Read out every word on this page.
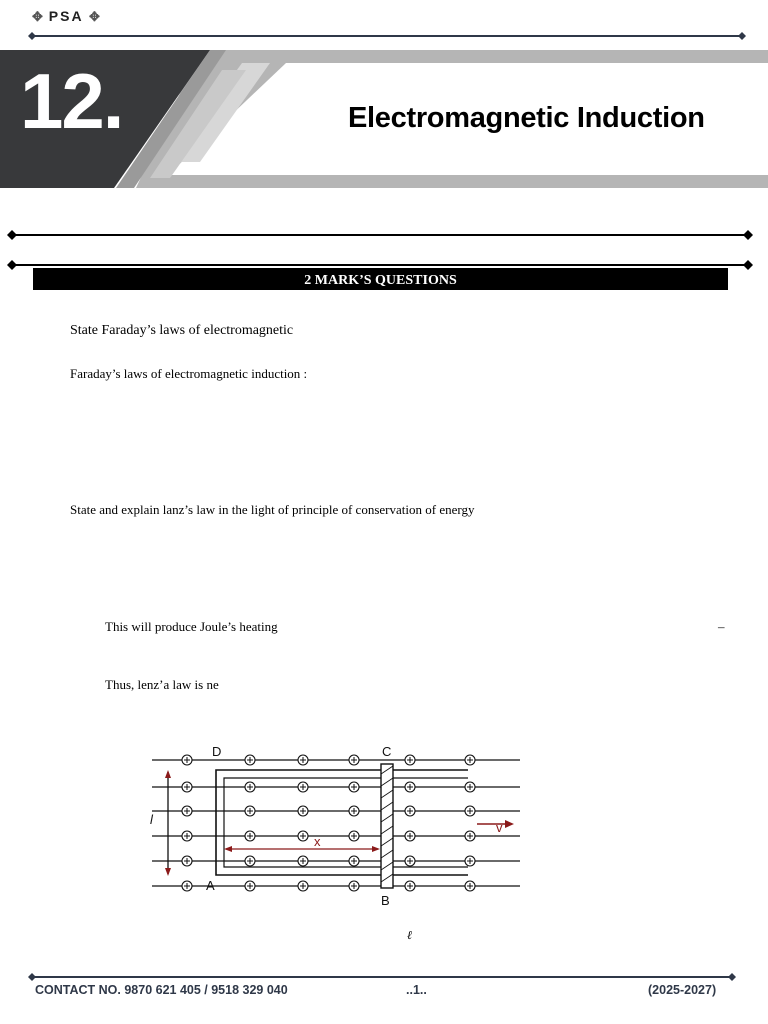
✥ PSA ✥
12.	Electromagnetic Induction
2 MARK’S QUESTIONS
State Faraday’s laws of electromagnetic
Faraday’s laws of electromagnetic induction :
State and explain lanz’s law in the light of principle of conservation of energy
This will produce Joule’s heating	–
Thus, lenz’a law is ne
D	C
A
B
l
x
v
ℓ
CONTACT NO. 9870 621 405 / 9518 329 040	..1..	(2025-2027)
